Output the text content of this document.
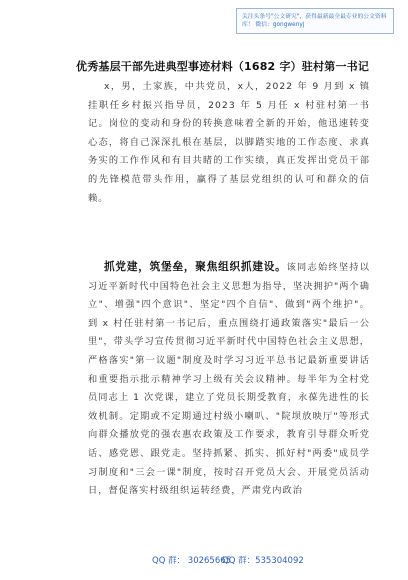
关注头条号"公文研究"，获得最新最全最专业的公文资料库！ 微信：gongwenyj
优秀基层干部先进典型事迹材料（1682 字）驻村第一书记
x，男，土家族，中共党员，x人，2022 年 9 月到 x 镇挂职任乡村振兴指导员，2023 年 5 月任 x 村驻村第一书记。岗位的变动和身份的转换意味着全新的开始，他迅速转变心态，将自己深深扎根在基层，以脚踏实地的工作态度、求真务实的工作作风和有目共睹的工作实绩，真正发挥出党员干部的先锋模范带头作用，赢得了基层党组织的认可和群众的信赖。
抓党建，筑堡垒，聚焦组织抓建设。该同志始终坚持以习近平新时代中国特色社会主义思想为指导，坚决拥护"两个确立"、增强"四个意识"、坚定"四个自信"、做到"两个维护"。到 x 村任驻村第一书记后，重点围绕打通政策落实"最后一公里"，带头学习宣传贯彻习近平新时代中国特色社会主义思想，严格落实"第一议题"制度及时学习习近平总书记最新重要讲话和重要指示批示精神学习上级有关会议精神。每半年为全村党员同志上 1 次党课，建立了党员长期受教育，永葆先进性的长效机制。定期或不定期通过村级小喇叭、"院坝放映厅"等形式向群众播放党的强农惠农政策及工作要求，教育引导群众听党话、感党恩、跟党走。坚持抓紧、抓实、抓好村"两委"成员学习制度和"三会一课"制度，按时召开党员大会、开展党员活动日，督促落实村级组织运转经费，严肃党内政治
QQ 群： 30265665
QQ 群：535304092
